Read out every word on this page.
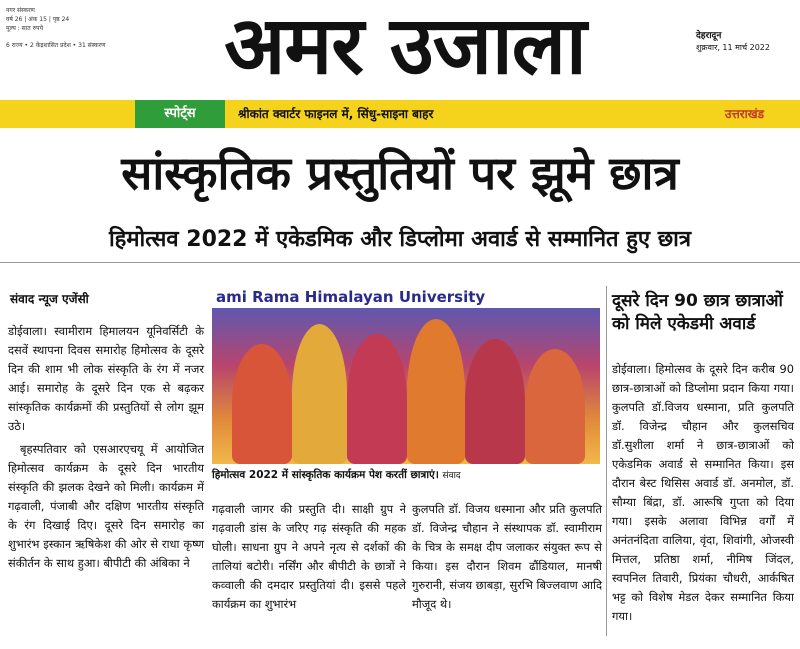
नगर संस्करण
वर्ष 26 | अंक 15 | पृष्ठ 24
मूल्य : सात रुपये
6 राज्य • 2 केंद्रशासित प्रदेश • 31 संस्करण	अमर उजाला	देहरादून
शुक्रवार, 11 मार्च 2022
स्पोर्ट्स	श्रीकांत क्वार्टर फाइनल में, सिंधु-साइना बाहर	उत्तराखंड
सांस्कृतिक प्रस्तुतियों पर झूमे छात्र
हिमोत्सव 2022 में एकेडमिक और डिप्लोमा अवार्ड से सम्मानित हुए छात्र
संवाद न्यूज एजेंसी

डोईवाला। स्वामीराम हिमालयन यूनिवर्सिटी के दसवें स्थापना दिवस समारोह हिमोत्सव के दूसरे दिन की शाम भी लोक संस्कृति के रंग में नजर आई। समारोह के दूसरे दिन एक से बढ़कर सांस्कृतिक कार्यक्रमों की प्रस्तुतियों से लोग झूम उठे।

बृहस्पतिवार को एसआरएचयू में आयोजित हिमोत्सव कार्यक्रम के दूसरे दिन भारतीय संस्कृति की झलक देखने को मिली। कार्यक्रम में गढ़वाली, पंजाबी और दक्षिण भारतीय संस्कृति के रंग दिखाई दिए। दूसरे दिन समारोह का शुभारंभ इस्कान ऋषिकेश की ओर से राधा कृष्ण संकीर्तन के साथ हुआ। बीपीटी की अंबिका ने

ami Rama Himalayan University
हिमोत्सव 2022 में सांस्कृतिक कार्यक्रम पेश करतीं छात्राएं। संवाद

गढ़वाली जागर की प्रस्तुति दी। साक्षी ग्रुप ने गढ़वाली डांस के जरिए गढ़ संस्कृति की महक घोली। साधना ग्रुप ने अपने नृत्य से दर्शकों की तालियां बटोरी। नर्सिंग और बीपीटी के छात्रों ने कव्वाली की दमदार प्रस्तुतियां दी। इससे पहले कार्यक्रम का शुभारंभ

कुलपति डॉ. विजय धस्माना और प्रति कुलपति डॉ. विजेन्द्र चौहान ने संस्थापक डॉ. स्वामीराम के चित्र के समक्ष दीप जलाकर संयुक्त रूप से किया। इस दौरान शिवम ढौंडियाल, मानषी गुरुरानी, संजय छाबड़ा, सुरभि बिज्लवाण आदि मौजूद थे।

दूसरे दिन 90 छात्र छात्राओं को मिले एकेडमी अवार्ड

डोईवाला। हिमोत्सव के दूसरे दिन करीब 90 छात्र-छात्राओं को डिप्लोमा प्रदान किया गया। कुलपति डॉ.विजय धस्माना, प्रति कुलपति डॉ. विजेन्द्र चौहान और कुलसचिव डॉ.सुशीला शर्मा ने छात्र-छात्राओं को एकेडमिक अवार्ड से सम्मानित किया। इस दौरान बेस्ट थिसिस अवार्ड डॉ. अनमोल, डॉ. सौम्या बिंद्रा, डॉ. आरूषि गुप्ता को दिया गया। इसके अलावा विभिन्न वर्गों में अनंतनंदिता वालिया, वृंदा, शिवांगी, ओजस्वी मित्तल, प्रतिष्ठा शर्मा, नीमिष जिंदल, स्वपनिल तिवारी, प्रियंका चौधरी, आर्कषित भट्ट को विशेष मेडल देकर सम्मानित किया गया।
